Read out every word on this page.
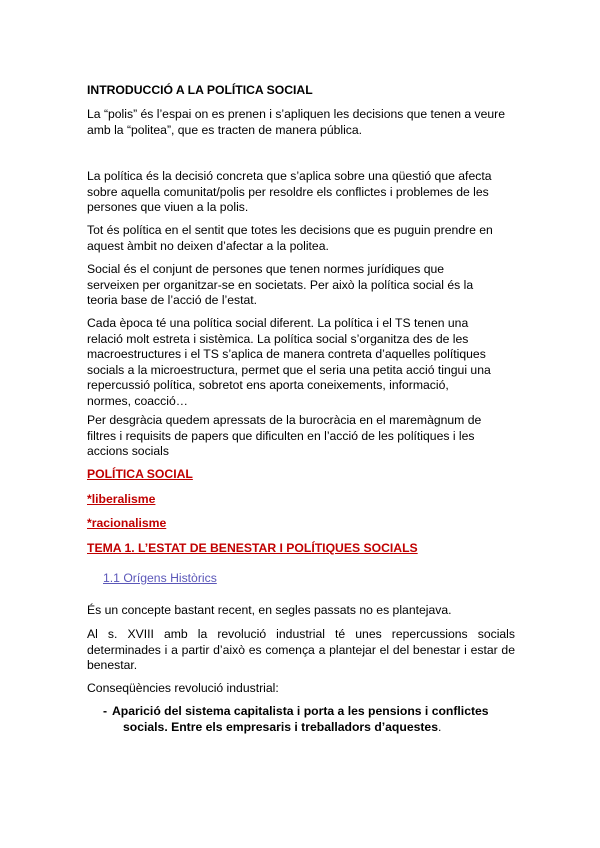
INTRODUCCIÓ A LA POLÍTICA SOCIAL
La “polis” és l’espai on es prenen i s’apliquen les decisions que tenen a veure
amb la “politea”, que es tracten de manera pública.
La política és la decisió concreta que s’aplica sobre una qüestió que afecta
sobre aquella comunitat/polis per resoldre els conflictes i problemes de les
persones que viuen a la polis.
Tot és política en el sentit que totes les decisions que es puguin prendre en
aquest àmbit no deixen d’afectar a la politea.
Social és el conjunt de persones que tenen normes jurídiques que
serveixen per organitzar-se en societats. Per això la política social és la
teoria base de l’acció de l’estat.
Cada època té una política social diferent. La política i el TS tenen una
relació molt estreta i sistèmica. La política social s’organitza des de les
macroestructures i el TS s’aplica de manera contreta d’aquelles polítiques
socials a la microestructura, permet que el seria una petita acció tingui una
repercussió política, sobretot ens aporta coneixements, informació,
normes, coacció…
Per desgràcia quedem apressats de la burocràcia en el maremàgnum de
filtres i requisits de papers que dificulten en l’acció de les polítiques i les
accions socials
POLÍTICA SOCIAL
*liberalisme
*racionalisme
TEMA 1. L’ESTAT DE BENESTAR I POLÍTIQUES SOCIALS
1.1 Orígens Històrics
És un concepte bastant recent, en segles passats no es plantejava.
Al s. XVIII amb la revolució industrial té unes repercussions socials determinades i a partir d’això es comença a plantejar el del benestar i estar de benestar.
Conseqüències revolució industrial:
- Aparició del sistema capitalista i porta a les pensions i conflictes
socials. Entre els empresaris i treballadors d’aquestes.
